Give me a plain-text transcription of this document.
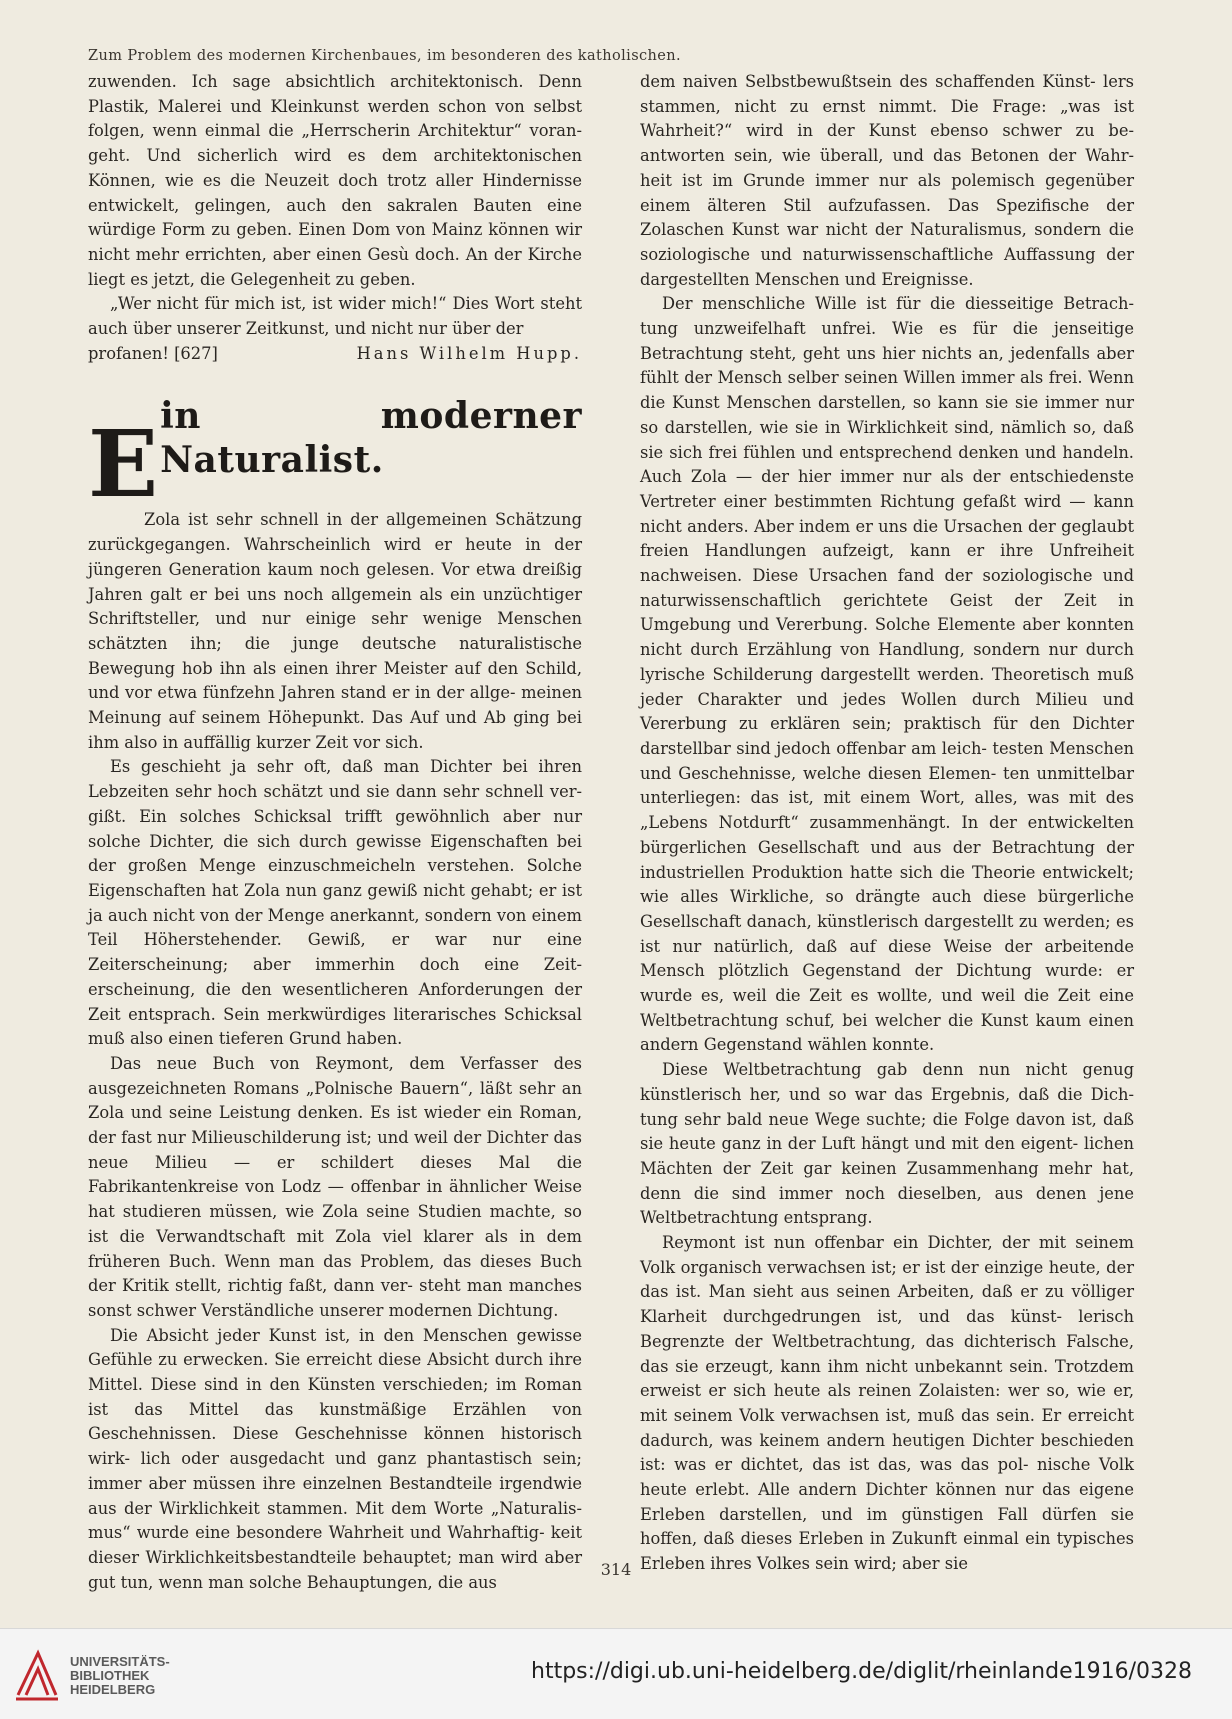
Zum Problem des modernen Kirchenbaues, im besonderen des katholischen.

zuwenden. Ich sage absichtlich architektonisch. Denn Plastik, Malerei und Kleinkunst werden schon von selbst folgen, wenn einmal die „Herrscherin Architektur“ voran- geht. Und sicherlich wird es dem architektonischen Können, wie es die Neuzeit doch trotz aller Hindernisse entwickelt, gelingen, auch den sakralen Bauten eine würdige Form zu geben. Einen Dom von Mainz können wir nicht mehr errichten, aber einen Gesù doch. An der Kirche liegt es jetzt, die Gelegenheit zu geben.

„Wer nicht für mich ist, ist wider mich!“ Dies Wort steht auch über unserer Zeitkunst, und nicht nur über der

profanen! [627]	Hans Wilhelm Hupp.
E in moderner Naturalist.

Zola ist sehr schnell in der allgemeinen Schätzung zurückgegangen. Wahrscheinlich wird er heute in der jüngeren Generation kaum noch gelesen. Vor etwa dreißig Jahren galt er bei uns noch allgemein als ein unzüchtiger Schriftsteller, und nur einige sehr wenige Menschen schätzten ihn; die junge deutsche naturalistische Bewegung hob ihn als einen ihrer Meister auf den Schild, und vor etwa fünfzehn Jahren stand er in der allge- meinen Meinung auf seinem Höhepunkt. Das Auf und Ab ging bei ihm also in auffällig kurzer Zeit vor sich.

Es geschieht ja sehr oft, daß man Dichter bei ihren Lebzeiten sehr hoch schätzt und sie dann sehr schnell ver- gißt. Ein solches Schicksal trifft gewöhnlich aber nur solche Dichter, die sich durch gewisse Eigenschaften bei der großen Menge einzuschmeicheln verstehen. Solche Eigenschaften hat Zola nun ganz gewiß nicht gehabt; er ist ja auch nicht von der Menge anerkannt, sondern von einem Teil Höherstehender. Gewiß, er war nur eine Zeiterscheinung; aber immerhin doch eine Zeit- erscheinung, die den wesentlicheren Anforderungen der Zeit entsprach. Sein merkwürdiges literarisches Schicksal muß also einen tieferen Grund haben.

Das neue Buch von Reymont, dem Verfasser des ausgezeichneten Romans „Polnische Bauern“, läßt sehr an Zola und seine Leistung denken. Es ist wieder ein Roman, der fast nur Milieuschilderung ist; und weil der Dichter das neue Milieu — er schildert dieses Mal die Fabrikantenkreise von Lodz — offenbar in ähnlicher Weise hat studieren müssen, wie Zola seine Studien machte, so ist die Verwandtschaft mit Zola viel klarer als in dem früheren Buch. Wenn man das Problem, das dieses Buch der Kritik stellt, richtig faßt, dann ver- steht man manches sonst schwer Verständliche unserer modernen Dichtung.

Die Absicht jeder Kunst ist, in den Menschen gewisse Gefühle zu erwecken. Sie erreicht diese Absicht durch ihre Mittel. Diese sind in den Künsten verschieden; im Roman ist das Mittel das kunstmäßige Erzählen von Geschehnissen. Diese Geschehnisse können historisch wirk- lich oder ausgedacht und ganz phantastisch sein; immer aber müssen ihre einzelnen Bestandteile irgendwie aus der Wirklichkeit stammen. Mit dem Worte „Naturalis- mus“ wurde eine besondere Wahrheit und Wahrhaftig- keit dieser Wirklichkeitsbestandteile behauptet; man wird aber gut tun, wenn man solche Behauptungen, die aus

dem naiven Selbstbewußtsein des schaffenden Künst- lers stammen, nicht zu ernst nimmt. Die Frage: „was ist Wahrheit?“ wird in der Kunst ebenso schwer zu be- antworten sein, wie überall, und das Betonen der Wahr- heit ist im Grunde immer nur als polemisch gegenüber einem älteren Stil aufzufassen. Das Spezifische der Zolaschen Kunst war nicht der Naturalismus, sondern die soziologische und naturwissenschaftliche Auffassung der dargestellten Menschen und Ereignisse.

Der menschliche Wille ist für die diesseitige Betrach- tung unzweifelhaft unfrei. Wie es für die jenseitige Betrachtung steht, geht uns hier nichts an, jedenfalls aber fühlt der Mensch selber seinen Willen immer als frei. Wenn die Kunst Menschen darstellen, so kann sie sie immer nur so darstellen, wie sie in Wirklichkeit sind, nämlich so, daß sie sich frei fühlen und entsprechend denken und handeln. Auch Zola — der hier immer nur als der entschiedenste Vertreter einer bestimmten Richtung gefaßt wird — kann nicht anders. Aber indem er uns die Ursachen der geglaubt freien Handlungen aufzeigt, kann er ihre Unfreiheit nachweisen. Diese Ursachen fand der soziologische und naturwissenschaftlich gerichtete Geist der Zeit in Umgebung und Vererbung. Solche Elemente aber konnten nicht durch Erzählung von Handlung, sondern nur durch lyrische Schilderung dargestellt werden. Theoretisch muß jeder Charakter und jedes Wollen durch Milieu und Vererbung zu erklären sein; praktisch für den Dichter darstellbar sind jedoch offenbar am leich- testen Menschen und Geschehnisse, welche diesen Elemen- ten unmittelbar unterliegen: das ist, mit einem Wort, alles, was mit des „Lebens Notdurft“ zusammenhängt. In der entwickelten bürgerlichen Gesellschaft und aus der Betrachtung der industriellen Produktion hatte sich die Theorie entwickelt; wie alles Wirkliche, so drängte auch diese bürgerliche Gesellschaft danach, künstlerisch dargestellt zu werden; es ist nur natürlich, daß auf diese Weise der arbeitende Mensch plötzlich Gegenstand der Dichtung wurde: er wurde es, weil die Zeit es wollte, und weil die Zeit eine Weltbetrachtung schuf, bei welcher die Kunst kaum einen andern Gegenstand wählen konnte.

Diese Weltbetrachtung gab denn nun nicht genug künstlerisch her, und so war das Ergebnis, daß die Dich- tung sehr bald neue Wege suchte; die Folge davon ist, daß sie heute ganz in der Luft hängt und mit den eigent- lichen Mächten der Zeit gar keinen Zusammenhang mehr hat, denn die sind immer noch dieselben, aus denen jene Weltbetrachtung entsprang.

Reymont ist nun offenbar ein Dichter, der mit seinem Volk organisch verwachsen ist; er ist der einzige heute, der das ist. Man sieht aus seinen Arbeiten, daß er zu völliger Klarheit durchgedrungen ist, und das künst- lerisch Begrenzte der Weltbetrachtung, das dichterisch Falsche, das sie erzeugt, kann ihm nicht unbekannt sein. Trotzdem erweist er sich heute als reinen Zolaisten: wer so, wie er, mit seinem Volk verwachsen ist, muß das sein. Er erreicht dadurch, was keinem andern heutigen Dichter beschieden ist: was er dichtet, das ist das, was das pol- nische Volk heute erlebt. Alle andern Dichter können nur das eigene Erleben darstellen, und im günstigen Fall dürfen sie hoffen, daß dieses Erleben in Zukunft einmal ein typisches Erleben ihres Volkes sein wird; aber sie

314
UNIVERSITÄTS-
BIBLIOTHEK
HEIDELBERG
https://digi.ub.uni-heidelberg.de/diglit/rheinlande1916/0328
